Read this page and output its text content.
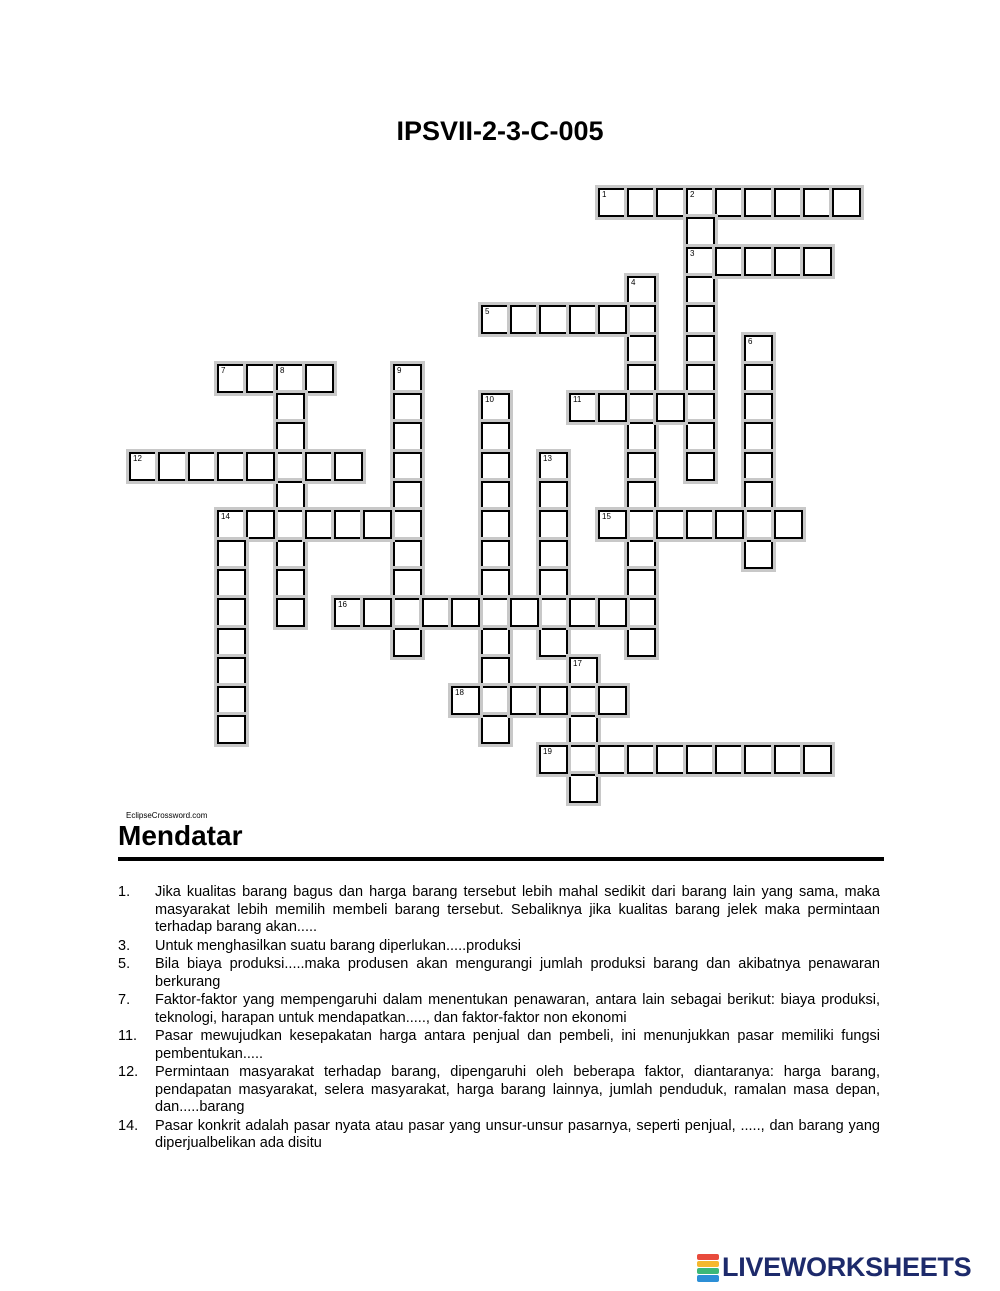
IPSVII-2-3-C-005
1	2
3
4
5
6
7	8	9
10	11
12	13
14	15
16
17
18
19
EclipseCrossword.com
Mendatar
1.	Jika kualitas barang bagus dan harga barang tersebut lebih mahal sedikit dari barang lain yang sama, maka masyarakat lebih memilih membeli barang tersebut. Sebaliknya jika kualitas barang jelek maka permintaan terhadap barang akan.....
3.	Untuk menghasilkan suatu barang diperlukan.....produksi
5.	Bila biaya produksi.....maka produsen akan mengurangi jumlah produksi barang dan akibatnya penawaran berkurang
7.	Faktor-faktor yang mempengaruhi dalam menentukan penawaran, antara lain sebagai berikut: biaya produksi, teknologi, harapan untuk mendapatkan....., dan faktor-faktor non ekonomi
11.	Pasar mewujudkan kesepakatan harga antara penjual dan pembeli, ini menunjukkan pasar memiliki fungsi pembentukan.....
12.	Permintaan masyarakat terhadap barang, dipengaruhi oleh beberapa faktor, diantaranya: harga barang, pendapatan masyarakat, selera masyarakat, harga barang lainnya, jumlah penduduk, ramalan masa depan, dan.....barang
14.	Pasar konkrit adalah pasar nyata atau pasar yang unsur-unsur pasarnya, seperti penjual, ....., dan barang yang diperjualbelikan ada disitu
LIVEWORKSHEETS
